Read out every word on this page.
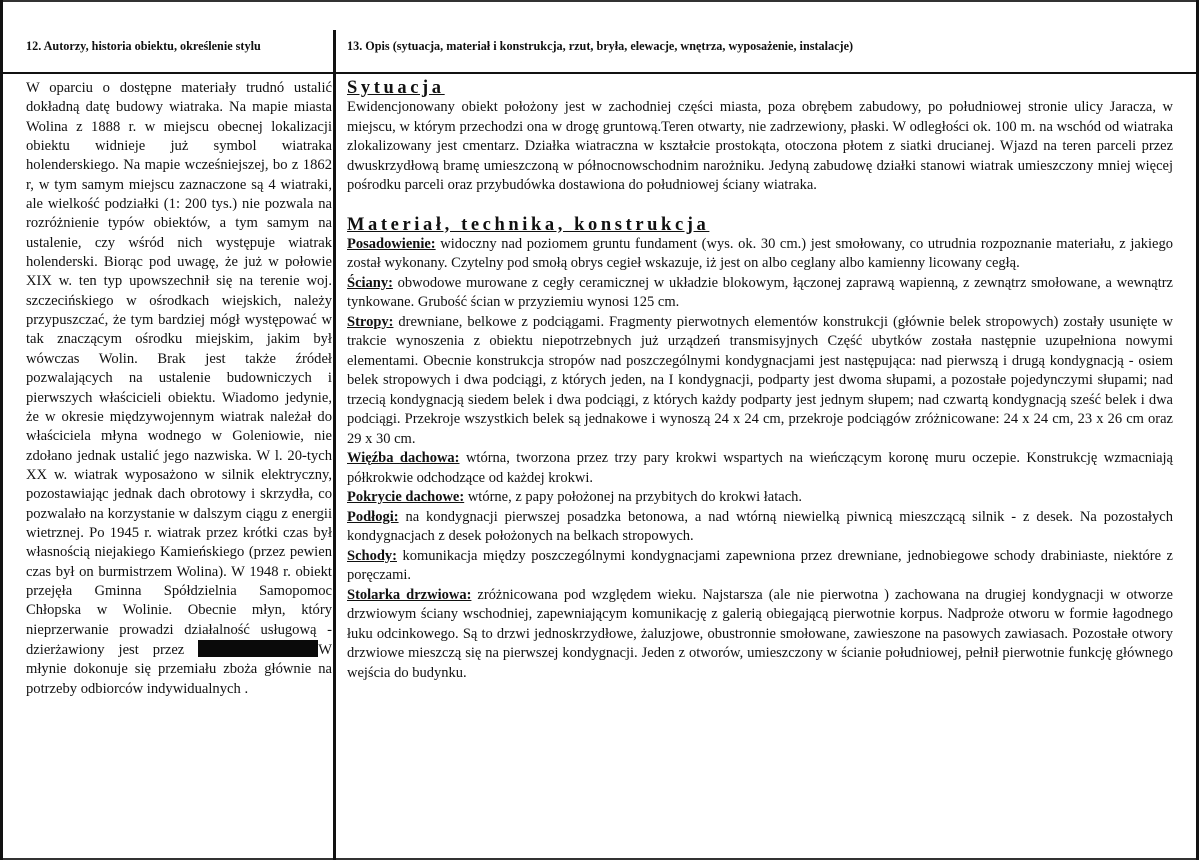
12. Autorzy, historia obiektu, określenie stylu

W oparciu o dostępne materiały trudnó ustalić dokładną datę budowy wiatraka. Na mapie miasta Wolina z 1888 r. w miejscu obecnej lokalizacji obiektu widnieje już symbol wiatraka holenderskiego. Na mapie wcześniejszej, bo z 1862 r, w tym samym miejscu zaznaczone są 4 wiatraki, ale wielkość podziałki (1: 200 tys.) nie pozwala na rozróżnienie typów obiektów, a tym samym na ustalenie, czy wśród nich występuje wiatrak holenderski. Biorąc pod uwagę, że już w połowie XIX w. ten typ upowszechnił się na terenie woj. szczecińskiego w ośrodkach wiejskich, należy przypuszczać, że tym bardziej mógł występować w tak znaczącym ośrodku miejskim, jakim był wówczas Wolin. Brak jest także źródeł pozwalających na ustalenie budowniczych i pierwszych właścicieli obiektu. Wiadomo jedynie, że w okresie międzywojennym wiatrak należał do właściciela młyna wodnego w Goleniowie, nie zdołano jednak ustalić jego nazwiska. W l. 20-tych XX w. wiatrak wyposażono w silnik elektryczny, pozostawiając jednak dach obrotowy i skrzydła, co pozwalało na korzystanie w dalszym ciągu z energii wietrznej. Po 1945 r. wiatrak przez krótki czas był własnością niejakiego Kamieńskiego (przez pewien czas był on burmistrzem Wolina). W 1948 r. obiekt przejęła Gminna Spółdzielnia Samopomoc Chłopska w Wolinie. Obecnie młyn, który nieprzerwanie prowadzi działalność usługową - dzierżawiony jest przez	W młynie dokonuje się przemiału zboża głównie na potrzeby odbiorców indywidualnych .

13. Opis (sytuacja, materiał i konstrukcja, rzut, bryła, elewacje, wnętrza, wyposażenie, instalacje)

Sytuacja

Ewidencjonowany obiekt położony jest w zachodniej części miasta, poza obrębem zabudowy, po południowej stronie ulicy Jaracza, w miejscu, w którym przechodzi ona w drogę gruntową.Teren otwarty, nie zadrzewiony, płaski. W odległości ok. 100 m. na wschód od wiatraka zlokalizowany jest cmentarz. Działka wiatraczna w kształcie prostokąta, otoczona płotem z siatki drucianej. Wjazd na teren parceli przez dwuskrzydłową bramę umieszczoną w północnowschodnim narożniku. Jedyną zabudowę działki stanowi wiatrak umieszczony mniej więcej pośrodku parceli oraz przybudówka dostawiona do południowej ściany wiatraka.

Materiał, technika, konstrukcja

Posadowienie: widoczny nad poziomem gruntu fundament (wys. ok. 30 cm.) jest smołowany, co utrudnia rozpoznanie materiału, z jakiego został wykonany. Czytelny pod smołą obrys cegieł wskazuje, iż jest on albo ceglany albo kamienny licowany cegłą.

Ściany: obwodowe murowane z cegły ceramicznej w układzie blokowym, łączonej zaprawą wapienną, z zewnątrz smołowane, a wewnątrz tynkowane. Grubość ścian w przyziemiu wynosi 125 cm.

Stropy: drewniane, belkowe z podciągami. Fragmenty pierwotnych elementów konstrukcji (głównie belek stropowych) zostały usunięte w trakcie wynoszenia z obiektu niepotrzebnych już urządzeń transmisyjnych Część ubytków została następnie uzupełniona nowymi elementami. Obecnie konstrukcja stropów nad poszczególnymi kondygnacjami jest następująca: nad pierwszą i drugą kondygnacją - osiem belek stropowych i dwa podciągi, z których jeden, na I kondygnacji, podparty jest dwoma słupami, a pozostałe pojedynczymi słupami; nad trzecią kondygnacją siedem belek i dwa podciągi, z których każdy podparty jest jednym słupem; nad czwartą kondygnacją sześć belek i dwa podciągi. Przekroje wszystkich belek są jednakowe i wynoszą 24 x 24 cm, przekroje podciągów zróżnicowane: 24 x 24 cm, 23 x 26 cm oraz 29 x 30 cm.

Więźba dachowa: wtórna, tworzona przez trzy pary krokwi wspartych na wieńczącym koronę muru oczepie. Konstrukcję wzmacniają półkrokwie odchodzące od każdej krokwi.

Pokrycie dachowe: wtórne, z papy położonej na przybitych do krokwi łatach.

Podłogi: na kondygnacji pierwszej posadzka betonowa, a nad wtórną niewielką piwnicą mieszczącą silnik - z desek. Na pozostałych kondygnacjach z desek położonych na belkach stropowych.

Schody: komunikacja między poszczególnymi kondygnacjami zapewniona przez drewniane, jednobiegowe schody drabiniaste, niektóre z poręczami.

Stolarka drzwiowa: zróżnicowana pod względem wieku. Najstarsza (ale nie pierwotna ) zachowana na drugiej kondygnacji w otworze drzwiowym ściany wschodniej, zapewniającym komunikację z galerią obiegającą pierwotnie korpus. Nadproże otworu w formie łagodnego łuku odcinkowego. Są to drzwi jednoskrzydłowe, żaluzjowe, obustronnie smołowane, zawieszone na pasowych zawiasach. Pozostałe otwory drzwiowe mieszczą się na pierwszej kondygnacji. Jeden z otworów, umieszczony w ścianie południowej, pełnił pierwotnie funkcję głównego wejścia do budynku.
